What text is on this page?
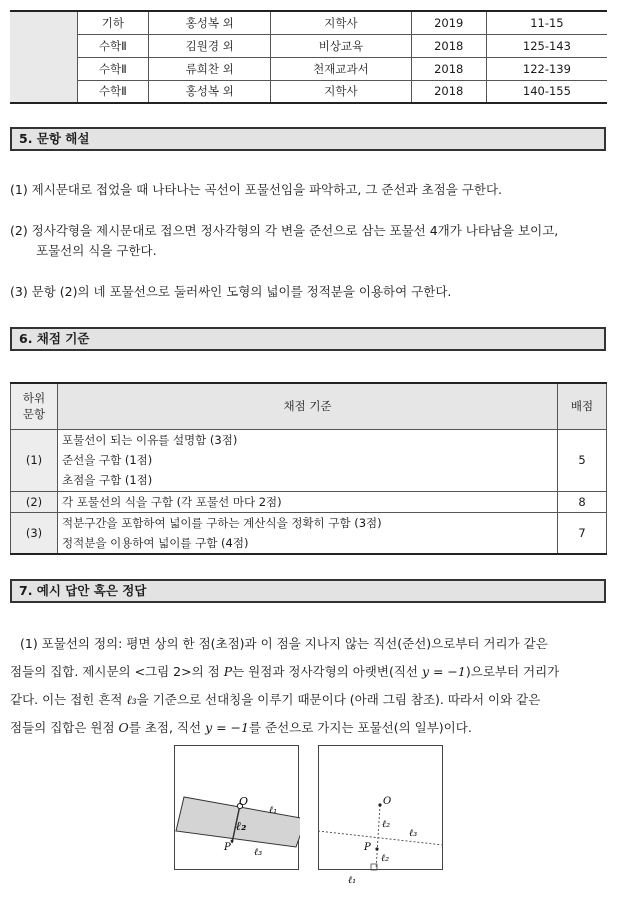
	기하	홍성복 외	지학사	2019	11-15
	수학Ⅱ	김원경 외	비상교육	2018	125-143
	수학Ⅱ	류희찬 외	천재교과서	2018	122-139
	수학Ⅱ	홍성복 외	지학사	2018	140-155
5. 문항 해설
(1) 제시문대로 접었을 때 나타나는 곡선이 포물선임을 파악하고, 그 준선과 초점을 구한다.
(2) 정사각형을 제시문대로 접으면 정사각형의 각 변을 준선으로 삼는 포물선 4개가 나타남을 보이고,
포물선의 식을 구한다.
(3) 문항 (2)의 네 포물선으로 둘러싸인 도형의 넓이를 정적분을 이용하여 구한다.
6. 채점 기준
하위
문항	채점 기준	배점
(1)	포물선이 되는 이유를 설명함 (3점)
준선을 구함 (1점)
초점을 구함 (1점)	5
(2)	각 포물선의 식을 구함 (각 포물선 마다 2점)	8
(3)	적분구간을 포함하여 넓이를 구하는 계산식을 정확히 구함 (3점)
정적분을 이용하여 넓이를 구함 (4점)	7
7. 예시 답안 혹은 정답
(1) 포물선의 정의: 평면 상의 한 점(초점)과 이 점을 지나지 않는 직선(준선)으로부터 거리가 같은
점들의 집합. 제시문의 <그림 2>의 점 P는 원점과 정사각형의 아랫변(직선 y = −1)으로부터 거리가
같다. 이는 접힌 흔적 ℓ₃을 기준으로 선대칭을 이루기 때문이다 (아래 그림 참조). 따라서 이와 같은
점들의 집합은 원점 O를 초점, 직선 y = −1를 준선으로 가지는 포물선(의 일부)이다.
O
P
ℓ₁
ℓ₂
ℓ₃
O
P
ℓ₂
ℓ₂
ℓ₃
ℓ₁
